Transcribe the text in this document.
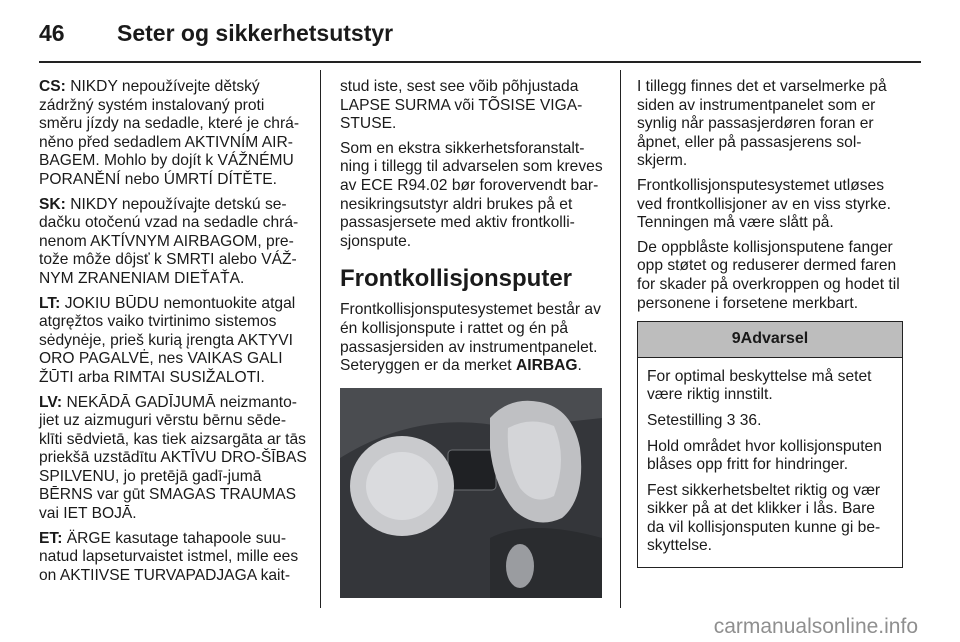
46 Seter og sikkerhetsutstyr

CS: NIKDY nepoužívejte dětský zádržný systém instalovaný proti směru jízdy na sedadle, které je chrá-něno před sedadlem AKTIVNÍM AIR-BAGEM. Mohlo by dojít k VÁŽNÉMU PORANĚNÍ nebo ÚMRTÍ DÍTĚTE.

SK: NIKDY nepoužívajte detskú se-dačku otočenú vzad na sedadle chrá-nenom AKTÍVNYM AIRBAGOM, pre-tože môže dôjsť k SMRTI alebo VÁŽ-NYM ZRANENIAM DIEŤAŤA.

LT: JOKIU BŪDU nemontuokite atgal atgręžtos vaiko tvirtinimo sistemos sėdynėje, prieš kurią įrengta AKTYVI ORO PAGALVĖ, nes VAIKAS GALI ŽŪTI arba RIMTAI SUSIŽALOTI.

LV: NEKĀDĀ GADĪJUMĀ neizmanto-jiet uz aizmuguri vērstu bērnu sēde-klīti sēdvietā, kas tiek aizsargāta ar tās priekšā uzstādītu AKTĪVU DRO-ŠĪBAS SPILVENU, jo pretējā gadī-jumā BĒRNS var gūt SMAGAS TRAUMAS vai IET BOJĀ.

ET: ÄRGE kasutage tahapoole suu-natud lapseturvaistet istmel, mille ees on AKTIIVSE TURVAPADJAGA kait-

stud iste, sest see võib põhjustada LAPSE SURMA või TÕSISE VIGA-STUSE.

Som en ekstra sikkerhetsforanstalt-ning i tillegg til advarselen som kreves av ECE R94.02 bør forovervendt bar-nesikringsutstyr aldri brukes på et passasjersete med aktiv frontkolli-sjonspute.

Frontkollisjonsputer

Frontkollisjonsputesystemet består av én kollisjonspute i rattet og én på passasjersiden av instrumentpanelet. Seteryggen er da merket AIRBAG.

I tillegg finnes det et varselmerke på siden av instrumentpanelet som er synlig når passasjerdøren foran er åpnet, eller på passasjerens sol-skjerm.

Frontkollisjonsputesystemet utløses ved frontkollisjoner av en viss styrke. Tenningen må være slått på.

De oppblåste kollisjonsputene fanger opp støtet og reduserer dermed faren for skader på overkroppen og hodet til personene i forsetene merkbart.

9Advarsel

For optimal beskyttelse må setet være riktig innstilt.

Setestilling 3 36.

Hold området hvor kollisjonsputen blåses opp fritt for hindringer.

Fest sikkerhetsbeltet riktig og vær sikker på at det klikker i lås. Bare da vil kollisjonsputen kunne gi be-skyttelse.

carmanualsonline.info
